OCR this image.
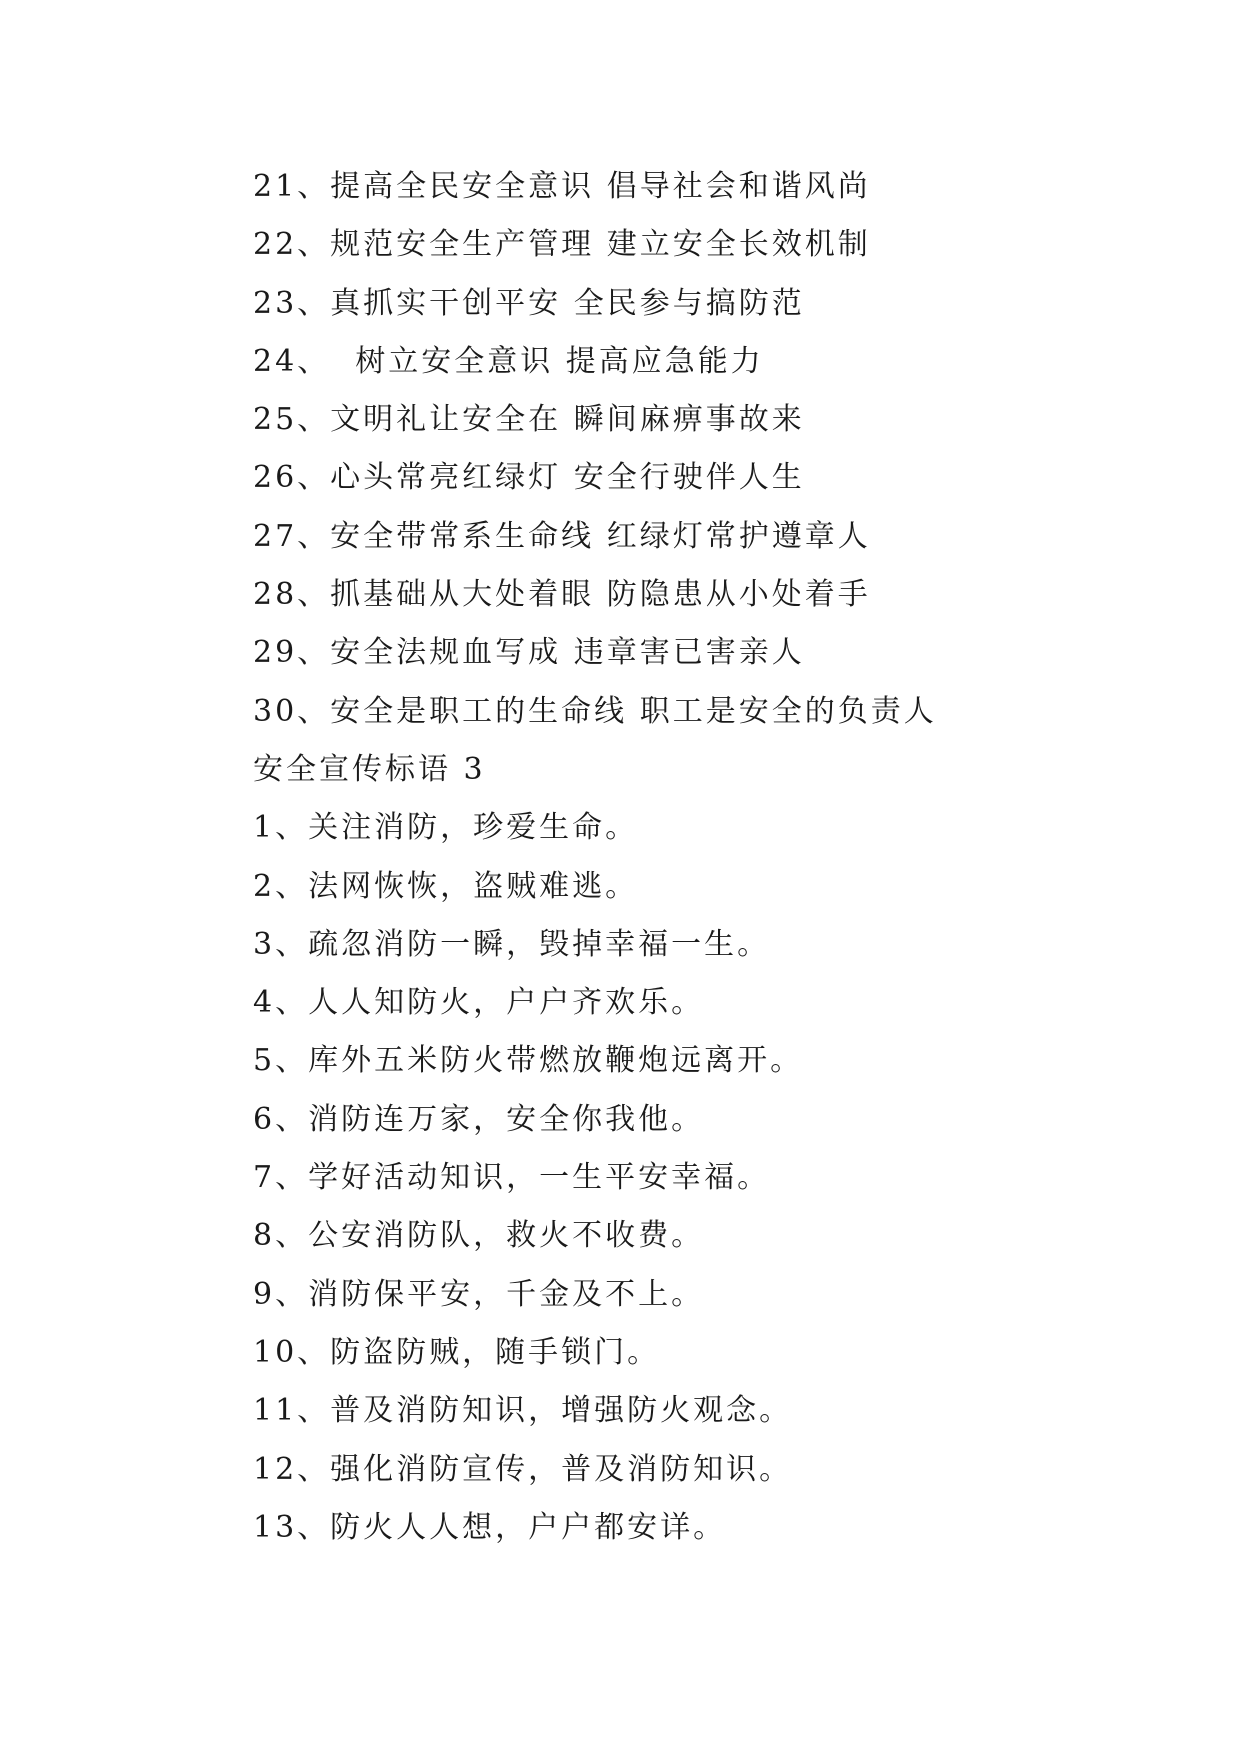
21、提高全民安全意识 倡导社会和谐风尚
22、规范安全生产管理 建立安全长效机制
23、真抓实干创平安 全民参与搞防范
24、  树立安全意识 提高应急能力
25、文明礼让安全在 瞬间麻痹事故来
26、心头常亮红绿灯 安全行驶伴人生
27、安全带常系生命线 红绿灯常护遵章人
28、抓基础从大处着眼 防隐患从小处着手
29、安全法规血写成 违章害已害亲人
30、安全是职工的生命线 职工是安全的负责人
安全宣传标语 3
1、关注消防，珍爱生命。
2、法网恢恢，盗贼难逃。
3、疏忽消防一瞬，毁掉幸福一生。
4、人人知防火，户户齐欢乐。
5、库外五米防火带燃放鞭炮远离开。
6、消防连万家，安全你我他。
7、学好活动知识，一生平安幸福。
8、公安消防队，救火不收费。
9、消防保平安，千金及不上。
10、防盗防贼，随手锁门。
11、普及消防知识，增强防火观念。
12、强化消防宣传，普及消防知识。
13、防火人人想，户户都安详。
